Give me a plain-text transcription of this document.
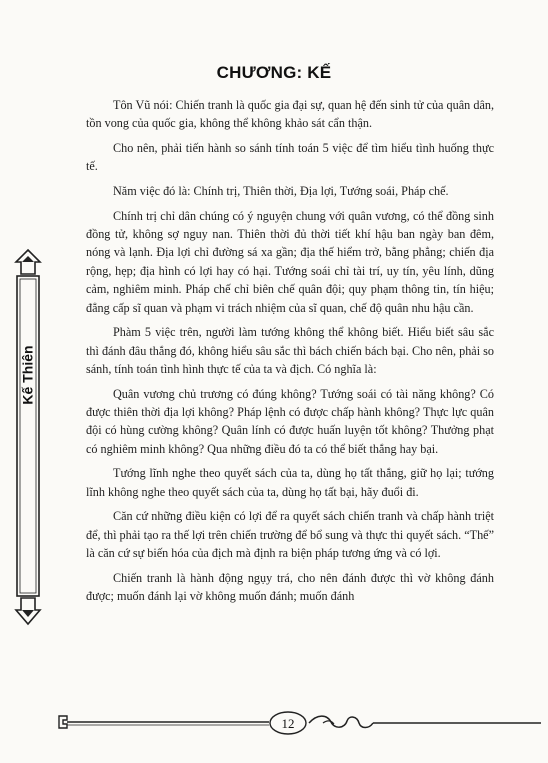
CHƯƠNG: KẾ

Tôn Vũ nói: Chiến tranh là quốc gia đại sự, quan hệ đến sinh tử của quân dân, tồn vong của quốc gia, không thể không khảo sát cẩn thận.

Cho nên, phải tiến hành so sánh tính toán 5 việc để tìm hiểu tình huống thực tế.

Năm việc đó là: Chính trị, Thiên thời, Địa lợi, Tướng soái, Pháp chế.

Chính trị chỉ dân chúng có ý nguyện chung với quân vương, có thể đồng sinh đồng tử, không sợ nguy nan. Thiên thời đủ thời tiết khí hậu ban ngày ban đêm, nóng và lạnh. Địa lợi chỉ đường sá xa gần; địa thế hiểm trở, bằng phẳng; chiến địa rộng, hẹp; địa hình có lợi hay có hại. Tướng soái chỉ tài trí, uy tín, yêu lính, dũng cảm, nghiêm minh. Pháp chế chỉ biên chế quân đội; quy phạm thông tin, tín hiệu; đẳng cấp sĩ quan và phạm vi trách nhiệm của sĩ quan, chế độ quân nhu hậu cần.

Phàm 5 việc trên, người làm tướng không thể không biết. Hiểu biết sâu sắc thì đánh đâu thắng đó, không hiểu sâu sắc thì bách chiến bách bại. Cho nên, phải so sánh, tính toán tình hình thực tế của ta và địch. Có nghĩa là:

Quân vương chủ trương có đúng không? Tướng soái có tài năng không? Có được thiên thời địa lợi không? Pháp lệnh có được chấp hành không? Thực lực quân đội có hùng cường không? Quân lính có được huấn luyện tốt không? Thưởng phạt có nghiêm minh không? Qua những điều đó ta có thể biết thắng hay bại.

Tướng lĩnh nghe theo quyết sách của ta, dùng họ tất thắng, giữ họ lại; tướng lĩnh không nghe theo quyết sách của ta, dùng họ tất bại, hãy đuổi đi.

Căn cứ những điều kiện có lợi để ra quyết sách chiến tranh và chấp hành triệt để, thì phải tạo ra thế lợi trên chiến trường để bổ sung và thực thi quyết sách. “Thế” là căn cứ sự biến hóa của địch mà định ra biện pháp tương ứng và có lợi.

Chiến tranh là hành động ngụy trá, cho nên đánh được thì vờ không đánh được; muốn đánh lại vờ không muốn đánh; muốn đánh

Kế Thiên
12
